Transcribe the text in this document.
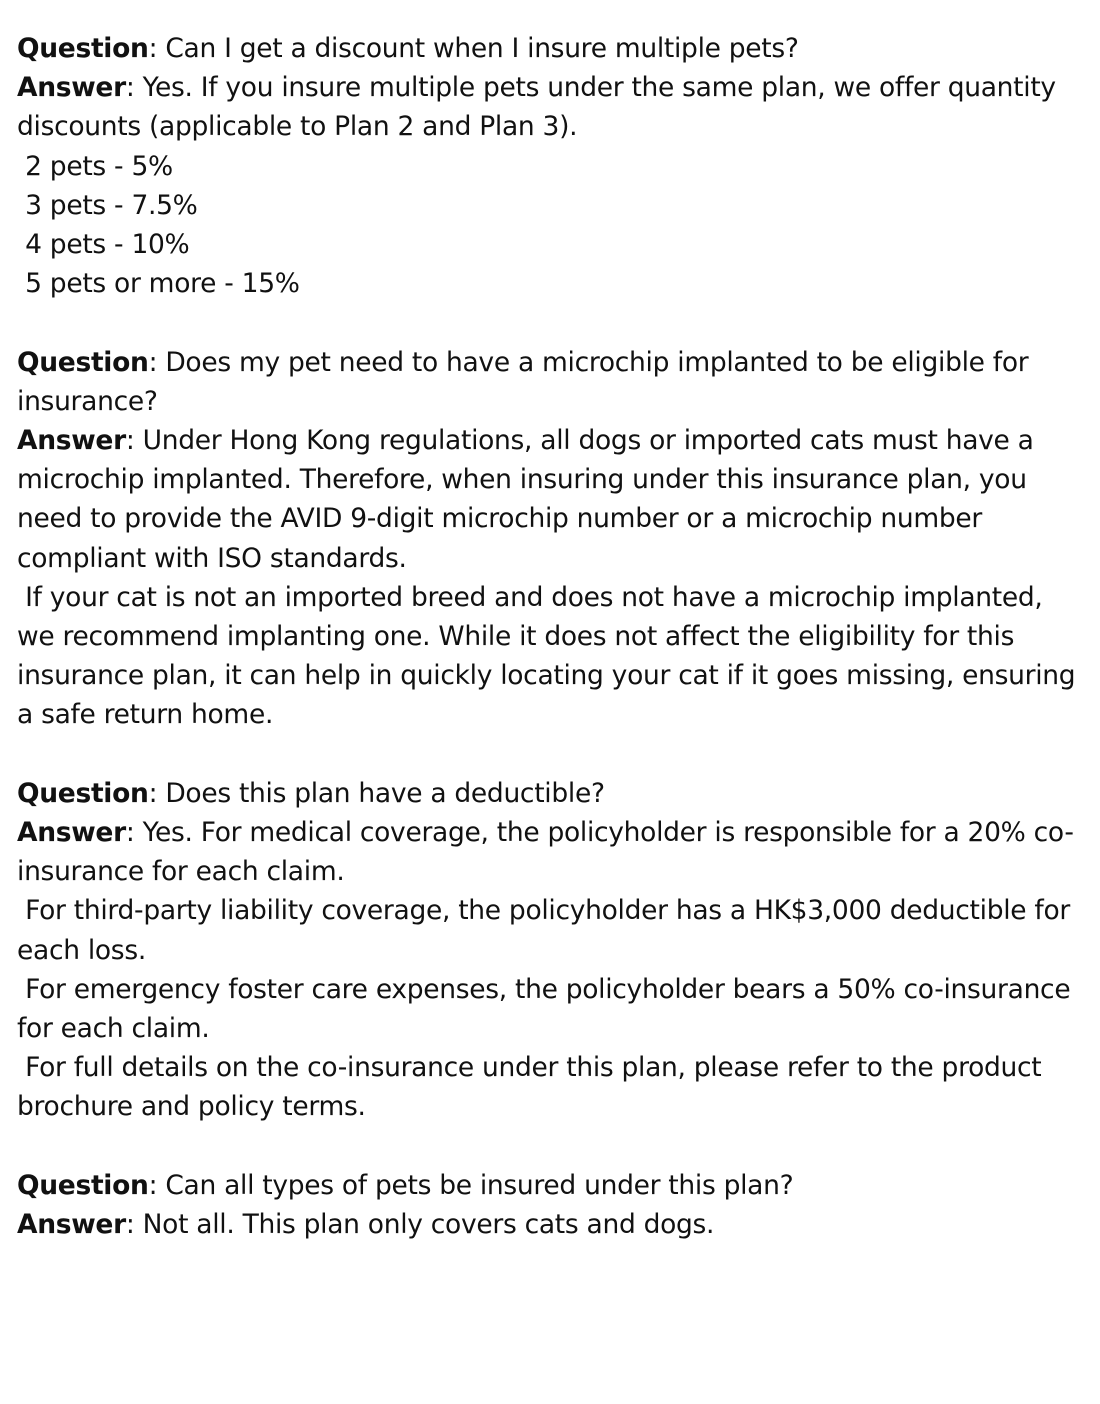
Question: Can I get a discount when I insure multiple pets?

Answer: Yes. If you insure multiple pets under the same plan, we offer quantity discounts (applicable to Plan 2 and Plan 3).

2 pets - 5%

3 pets - 7.5%

4 pets - 10%

5 pets or more - 15%

Question: Does my pet need to have a microchip implanted to be eligible for insurance?

Answer: Under Hong Kong regulations, all dogs or imported cats must have a microchip implanted. Therefore, when insuring under this insurance plan, you need to provide the AVID 9-digit microchip number or a microchip number compliant with ISO standards.

If your cat is not an imported breed and does not have a microchip implanted, we recommend implanting one. While it does not affect the eligibility for this insurance plan, it can help in quickly locating your cat if it goes missing, ensuring a safe return home.

Question: Does this plan have a deductible?

Answer: Yes. For medical coverage, the policyholder is responsible for a 20% co-insurance for each claim.

For third-party liability coverage, the policyholder has a HK$3,000 deductible for each loss.

For emergency foster care expenses, the policyholder bears a 50% co-insurance for each claim.

For full details on the co-insurance under this plan, please refer to the product brochure and policy terms.

Question: Can all types of pets be insured under this plan?

Answer: Not all. This plan only covers cats and dogs.
